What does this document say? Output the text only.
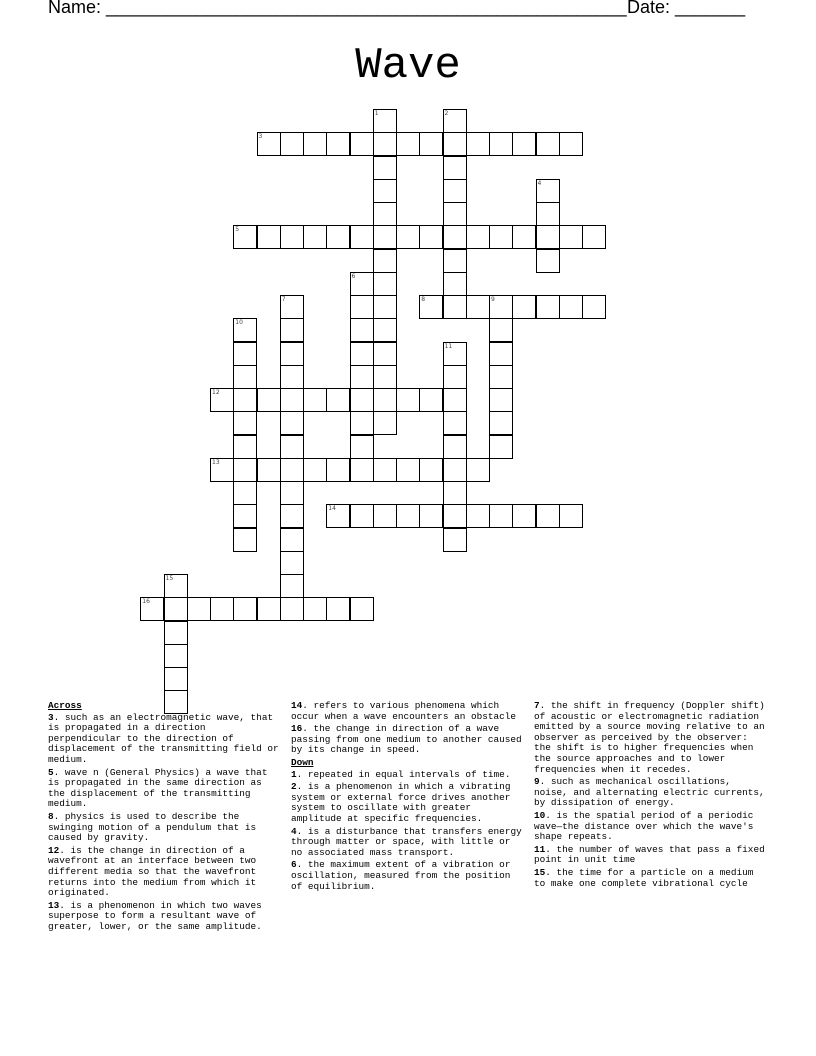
Name: ____________________________________________________ Date: _______
Wave
1	2
3
4
5
6
7	8	9
10
11
12
13
14
15
16
Across
3. such as an electromagnetic wave, that is propagated in a direction perpendicular to the direction of displacement of the transmitting field or medium.
5. wave n (General Physics) a wave that is propagated in the same direction as the displacement of the transmitting medium.
8. physics is used to describe the swinging motion of a pendulum that is caused by gravity.
12. is the change in direction of a wavefront at an interface between two different media so that the wavefront returns into the medium from which it originated.
13. is a phenomenon in which two waves superpose to form a resultant wave of greater, lower, or the same amplitude.
14. refers to various phenomena which occur when a wave encounters an obstacle
16. the change in direction of a wave passing from one medium to another caused by its change in speed.
Down
1. repeated in equal intervals of time.
2. is a phenomenon in which a vibrating system or external force drives another system to oscillate with greater amplitude at specific frequencies.
4. is a disturbance that transfers energy through matter or space, with little or no associated mass transport.
6. the maximum extent of a vibration or oscillation, measured from the position of equilibrium.
7. the shift in frequency (Doppler shift) of acoustic or electromagnetic radiation emitted by a source moving relative to an observer as perceived by the observer: the shift is to higher frequencies when the source approaches and to lower frequencies when it recedes.
9. such as mechanical oscillations, noise, and alternating electric currents, by dissipation of energy.
10. is the spatial period of a periodic wave—the distance over which the wave's shape repeats.
11. the number of waves that pass a fixed point in unit time
15. the time for a particle on a medium to make one complete vibrational cycle
